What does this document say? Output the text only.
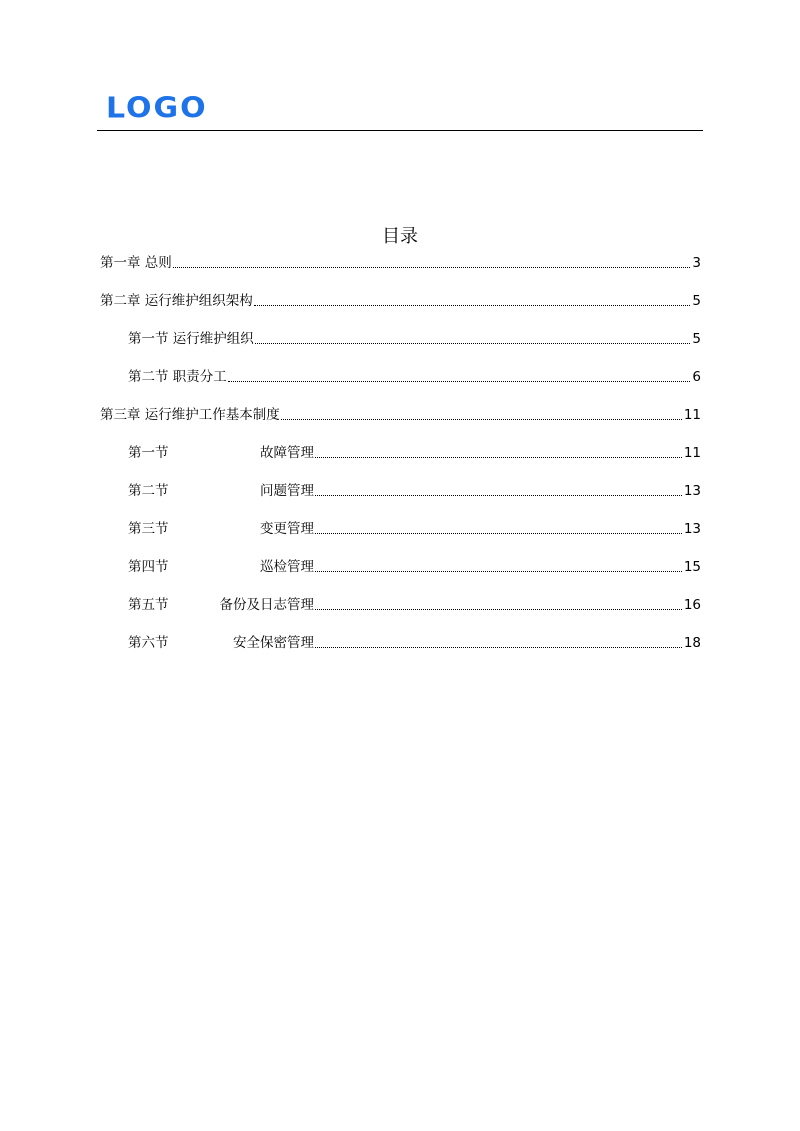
LOGO
目录
第一章 总则	3
第二章 运行维护组织架构	5
第一节 运行维护组织	5
第二节 职责分工	6
第三章 运行维护工作基本制度	11
第一节	故障管理	11
第二节	问题管理	13
第三节	变更管理	13
第四节	巡检管理	15
第五节	备份及日志管理	16
第六节	安全保密管理	18
